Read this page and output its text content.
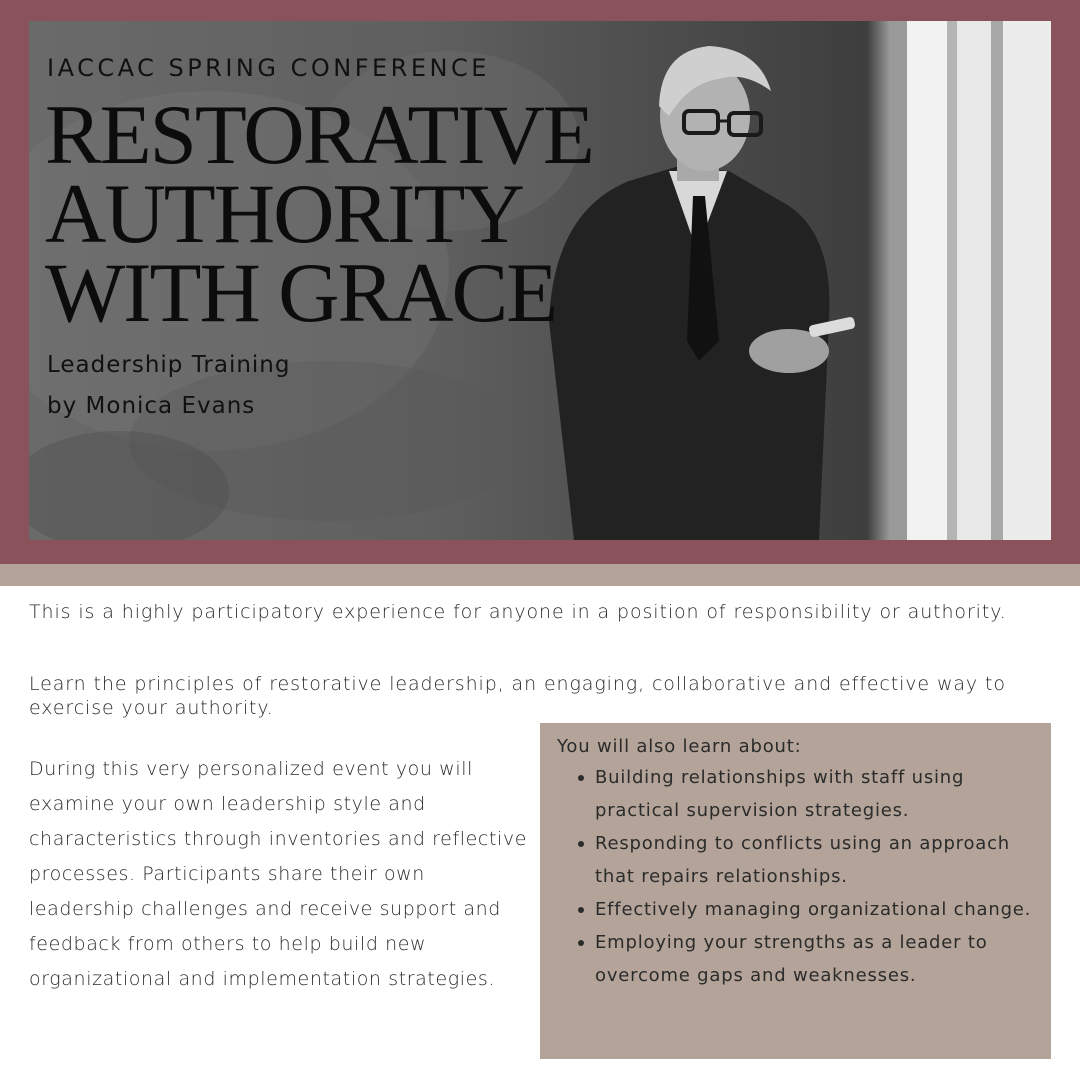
IACCAC SPRING CONFERENCE
RESTORATIVE
AUTHORITY
WITH GRACE
Leadership Training
by Monica Evans

This is a highly participatory experience for anyone in a position of responsibility or authority.

Learn the principles of restorative leadership, an engaging, collaborative and effective way to exercise your authority.

During this very personalized event you will examine your own leadership style and characteristics through inventories and reflective processes. Participants share their own leadership challenges and receive support and feedback from others to help build new organizational and implementation strategies.

You will also learn about:
Building relationships with staff using practical supervision strategies.
Responding to conflicts using an approach that repairs relationships.
Effectively managing organizational change.
Employing your strengths as a leader to overcome gaps and weaknesses.
